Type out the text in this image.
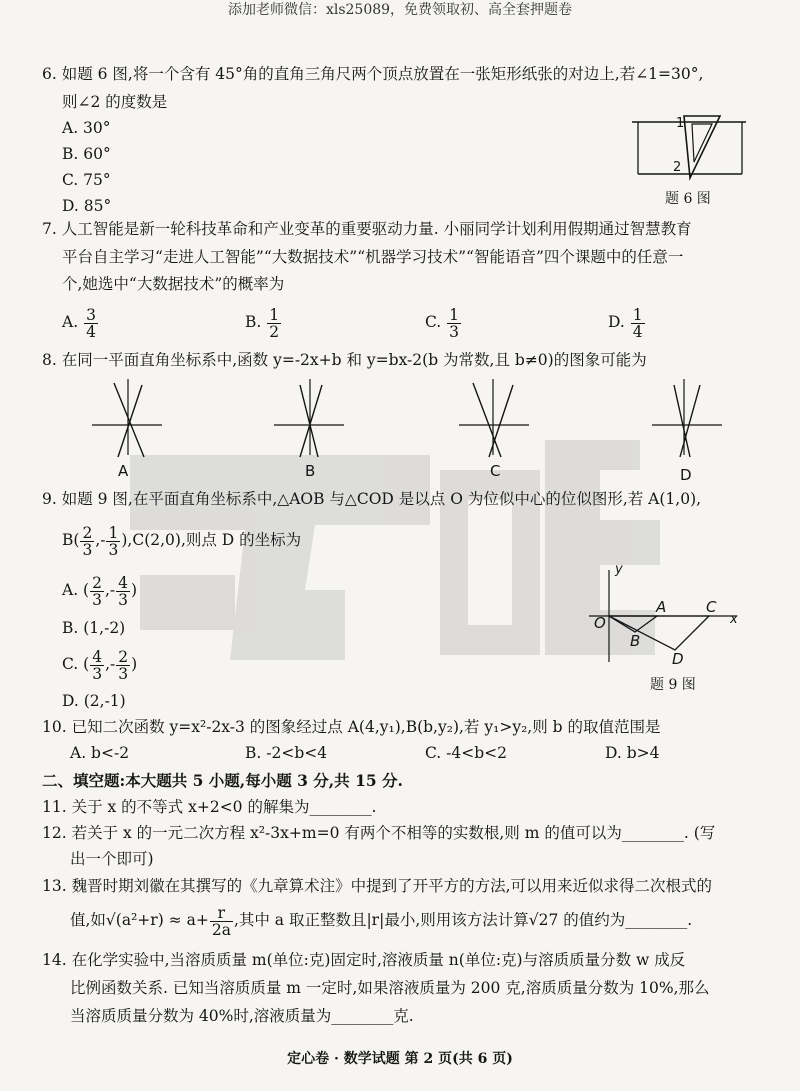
添加老师微信：xls25089，免费领取初、高全套押题卷
6. 如题 6 图,将一个含有 45°角的直角三角尺两个顶点放置在一张矩形纸张的对边上,若∠1=30°,
则∠2 的度数是
A. 30°
B. 60°
C. 75°
D. 85°
1
2
题 6 图
7. 人工智能是新一轮科技革命和产业变革的重要驱动力量. 小丽同学计划利用假期通过智慧教育
平台自主学习“走进人工智能”“大数据技术”“机器学习技术”“智能语音”四个课题中的任意一
个,她选中“大数据技术”的概率为
A. $\frac{3}{4}$	B. $\frac{1}{2}$	C. $\frac{1}{3}$	D. $\frac{1}{4}$
8. 在同一平面直角坐标系中,函数 y=-2x+b 和 y=bx-2(b 为常数,且 b≠0)的图象可能为
A	B	C	D
9. 如题 9 图,在平面直角坐标系中,△AOB 与△COD 是以点 O 为位似中心的位似图形,若 A(1,0),
$B( \frac{2}{3}$ ,- $\frac{1}{3} ),C(2,0)$,则点 D 的坐标为
A. ( $\frac{2}{3}$ ,- $\frac{4}{3}$ )
B. (1,-2)
C. ( $\frac{4}{3}$ ,- $\frac{2}{3}$ )
D. (2,-1)
O
A
B
C
D
x
y
题 9 图
10. 已知二次函数 y=x²-2x-3 的图象经过点 A(4,y₁),B(b,y₂),若 y₁>y₂,则 b 的取值范围是
A. b<-2	B. -2<b<4	C. -4<b<2	D. b>4
二、填空题:本大题共 5 小题,每小题 3 分,共 15 分.
11. 关于 x 的不等式 x+2<0 的解集为________.
12. 若关于 x 的一元二次方程 x²-3x+m=0 有两个不相等的实数根,则 m 的值可以为________. (写
出一个即可)
13. 魏晋时期刘徽在其撰写的《九章算术注》中提到了开平方的方法,可以用来近似求得二次根式的
值,如$√(a^2+r) \approx a+ \frac{r}{2a}$ ,其中 a 取正整数且|r|最小,则用该方法计算√27 的值约为________.
14. 在化学实验中,当溶质质量 m(单位:克)固定时,溶液质量 n(单位:克)与溶质质量分数 w 成反
比例函数关系. 已知当溶质质量 m 一定时,如果溶液质量为 200 克,溶质质量分数为 10%,那么
当溶质质量分数为 40%时,溶液质量为________克.
定心卷 · 数学试题 第 2 页(共 6 页)
